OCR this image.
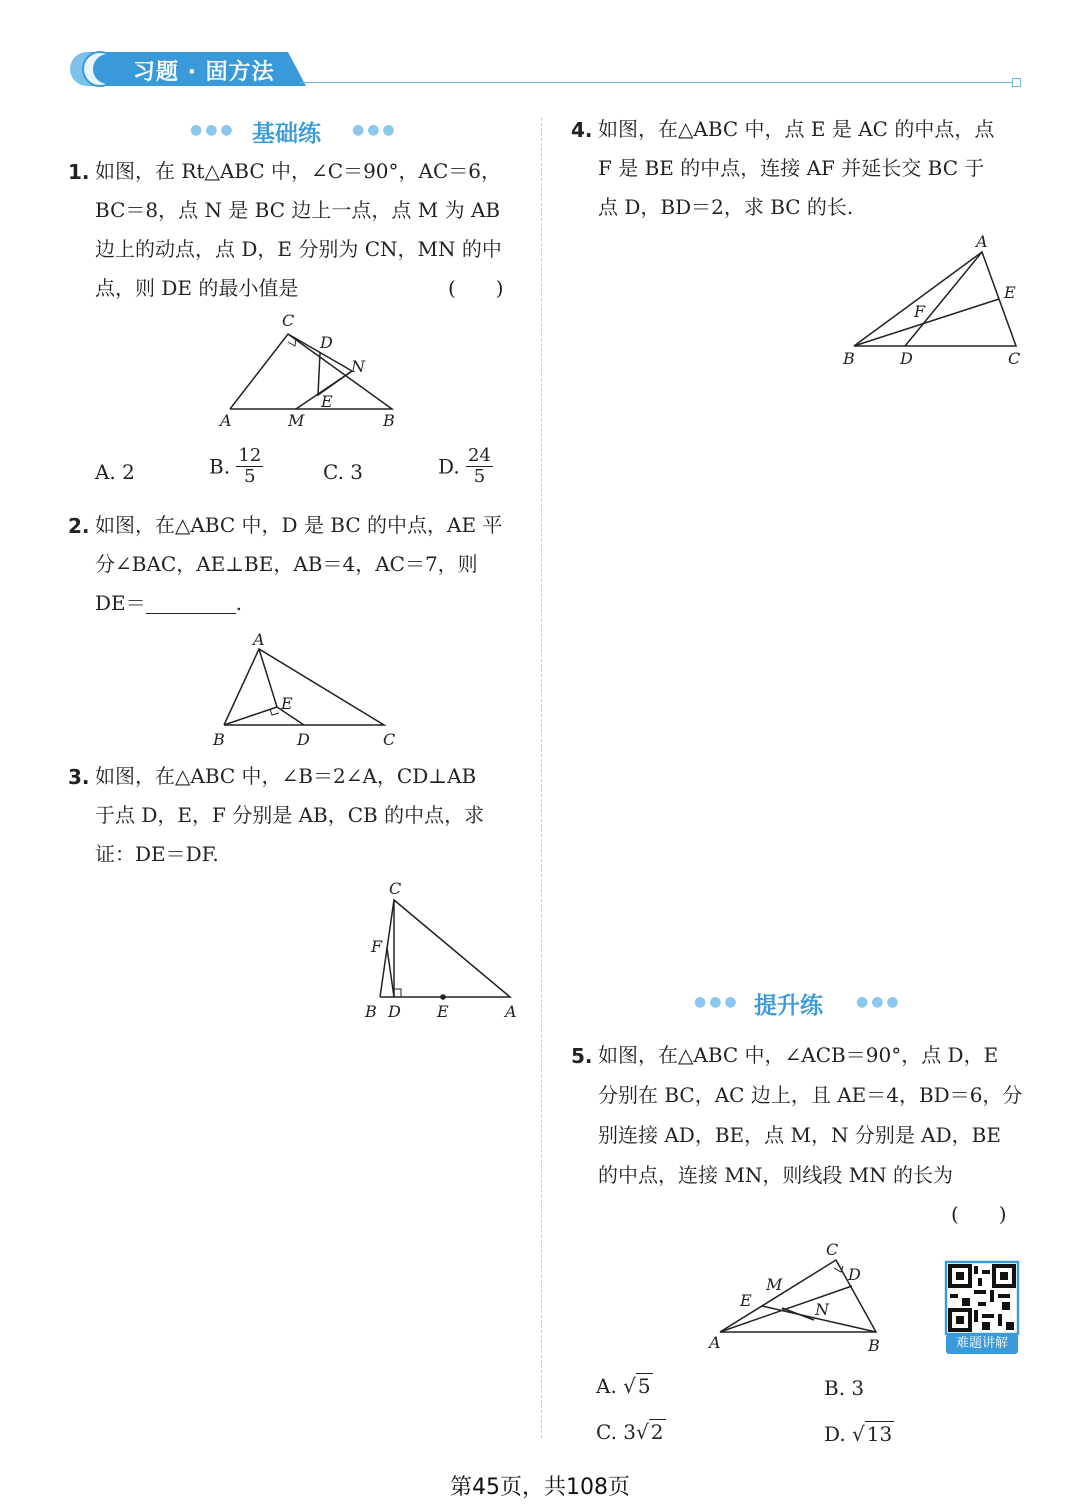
习题 · 固方法
●●● 基础练 ●●●
1. 如图，在 Rt△ABC 中，∠C＝90°，AC＝6，
BC＝8，点 N 是 BC 边上一点，点 M 为 AB
边上的动点，点 D，E 分别为 CN，MN 的中
点，则 DE 的最小值是	(　　)
C
D
N
E
A	M	B
A. 2	B. $\frac{12}{5}$	C. 3	D. $\frac{24}{5}$
2. 如图，在△ABC 中，D 是 BC 的中点，AE 平
分∠BAC，AE⊥BE，AB＝4，AC＝7，则
DE＝	.
A
E
B	D	C
3. 如图，在△ABC 中，∠B＝2∠A，CD⊥AB
于点 D，E，F 分别是 AB，CB 的中点，求
证：DE＝DF.
C
F
B D E	A
4. 如图，在△ABC 中，点 E 是 AC 的中点，点
F 是 BE 的中点，连接 AF 并延长交 BC 于
点 D，BD＝2，求 BC 的长.
A
E
F
B	D	C
●●● 提升练 ●●●
5. 如图，在△ABC 中，∠ACB＝90°，点 D，E
分别在 BC，AC 边上，且 AE＝4，BD＝6，分
别连接 AD，BE，点 M，N 分别是 AD，BE
的中点，连接 MN，则线段 MN 的长为
(　　)
C
M
D
E	N
A	B	难题讲解
A. √ 5	B. 3
C. 3√ 2	D. √ 13
第45页，共108页
